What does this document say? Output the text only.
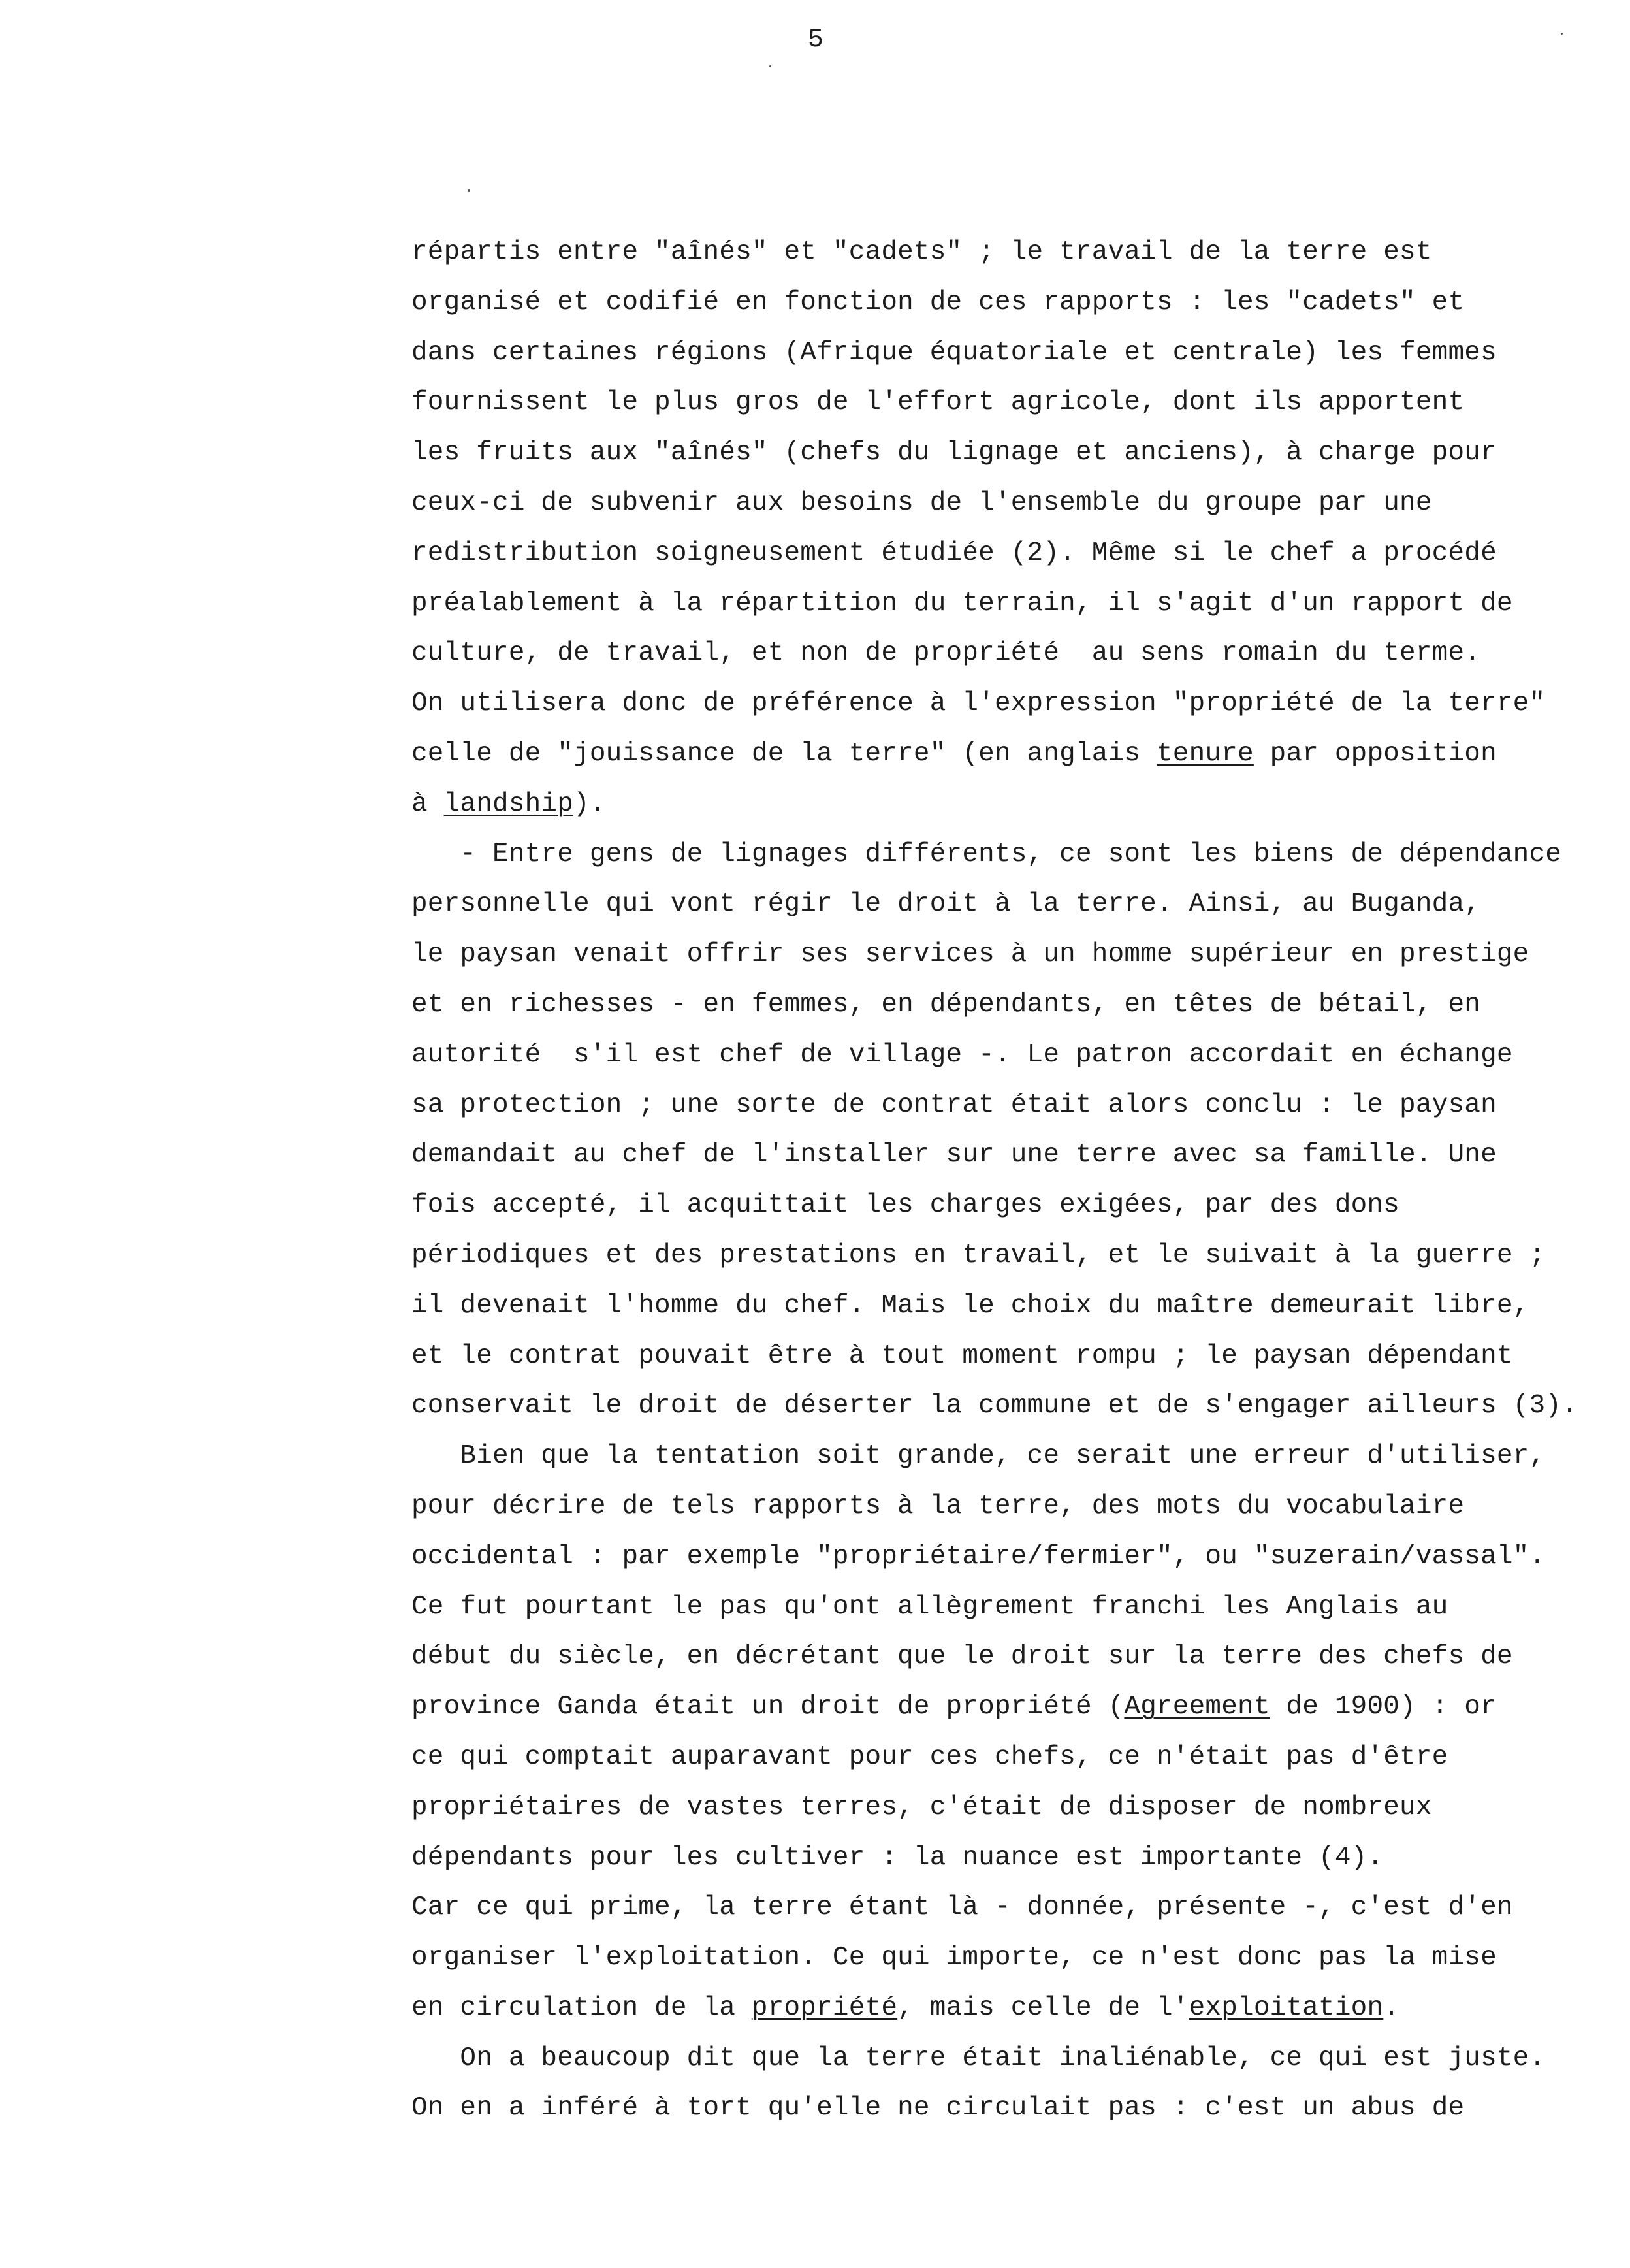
5
répartis entre "aînés" et "cadets" ; le travail de la terre est
organisé et codifié en fonction de ces rapports : les "cadets" et
dans certaines régions (Afrique équatoriale et centrale) les femmes
fournissent le plus gros de l'effort agricole, dont ils apportent
les fruits aux "aînés" (chefs du lignage et anciens), à charge pour
ceux-ci de subvenir aux besoins de l'ensemble du groupe par une
redistribution soigneusement étudiée (2). Même si le chef a procédé
préalablement à la répartition du terrain, il s'agit d'un rapport de
culture, de travail, et non de propriété  au sens romain du terme.
On utilisera donc de préférence à l'expression "propriété de la terre"
celle de "jouissance de la terre" (en anglais tenure par opposition
à landship).
- Entre gens de lignages différents, ce sont les biens de dépendance
personnelle qui vont régir le droit à la terre. Ainsi, au Buganda,
le paysan venait offrir ses services à un homme supérieur en prestige
et en richesses - en femmes, en dépendants, en têtes de bétail, en
autorité  s'il est chef de village -. Le patron accordait en échange
sa protection ; une sorte de contrat était alors conclu : le paysan
demandait au chef de l'installer sur une terre avec sa famille. Une
fois accepté, il acquittait les charges exigées, par des dons
périodiques et des prestations en travail, et le suivait à la guerre ;
il devenait l'homme du chef. Mais le choix du maître demeurait libre,
et le contrat pouvait être à tout moment rompu ; le paysan dépendant
conservait le droit de déserter la commune et de s'engager ailleurs (3).
Bien que la tentation soit grande, ce serait une erreur d'utiliser,
pour décrire de tels rapports à la terre, des mots du vocabulaire
occidental : par exemple "propriétaire/fermier", ou "suzerain/vassal".
Ce fut pourtant le pas qu'ont allègrement franchi les Anglais au
début du siècle, en décrétant que le droit sur la terre des chefs de
province Ganda était un droit de propriété (Agreement de 1900) : or
ce qui comptait auparavant pour ces chefs, ce n'était pas d'être
propriétaires de vastes terres, c'était de disposer de nombreux
dépendants pour les cultiver : la nuance est importante (4).
Car ce qui prime, la terre étant là - donnée, présente -, c'est d'en
organiser l'exploitation. Ce qui importe, ce n'est donc pas la mise
en circulation de la propriété, mais celle de l'exploitation.
On a beaucoup dit que la terre était inaliénable, ce qui est juste.
On en a inféré à tort qu'elle ne circulait pas : c'est un abus de
